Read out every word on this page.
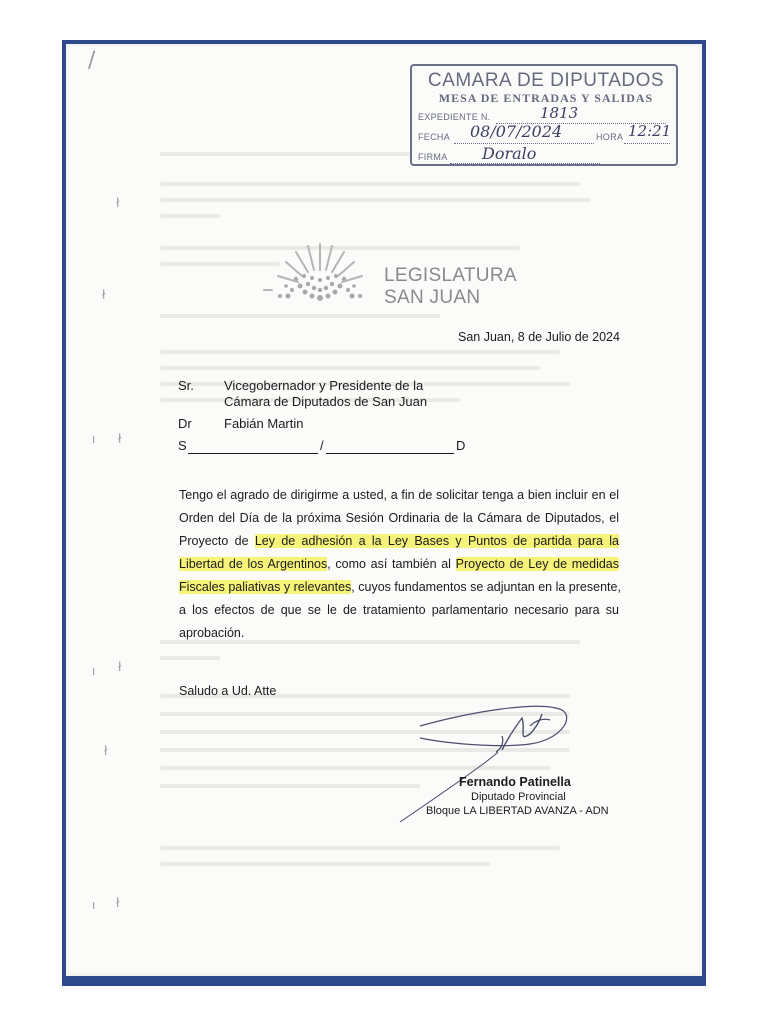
/
ł
ł
ł
ı
ł
ı
ł
ł
ı
CAMARA DE DIPUTADOS
MESA DE ENTRADAS Y SALIDAS
EXPEDIENTE N.	1813
FECHA 08/07/2024	HORA 12:21
FIRMA Doralo
LEGISLATURA
SAN JUAN
San Juan, 8 de Julio de 2024
Sr. Vicegobernador y Presidente de la
Cámara de Diputados de San Juan
Dr Fabián Martin
S	/	D
Tengo el agrado de dirigirme a usted, a fin de solicitar tenga a bien incluir en el
Orden del Día de la próxima Sesión Ordinaria de la Cámara de Diputados, el
Proyecto de Ley de adhesión a la Ley Bases y Puntos de partida para la
Libertad de los Argentinos, como así también al Proyecto de Ley de medidas
Fiscales paliativas y relevantes, cuyos fundamentos se adjuntan en la presente,
a los efectos de que se le de tratamiento parlamentario necesario para su
aprobación.
Saludo a Ud. Atte
Fernando Patinella
Diputado Provincial
Bloque LA LIBERTAD AVANZA - ADN
